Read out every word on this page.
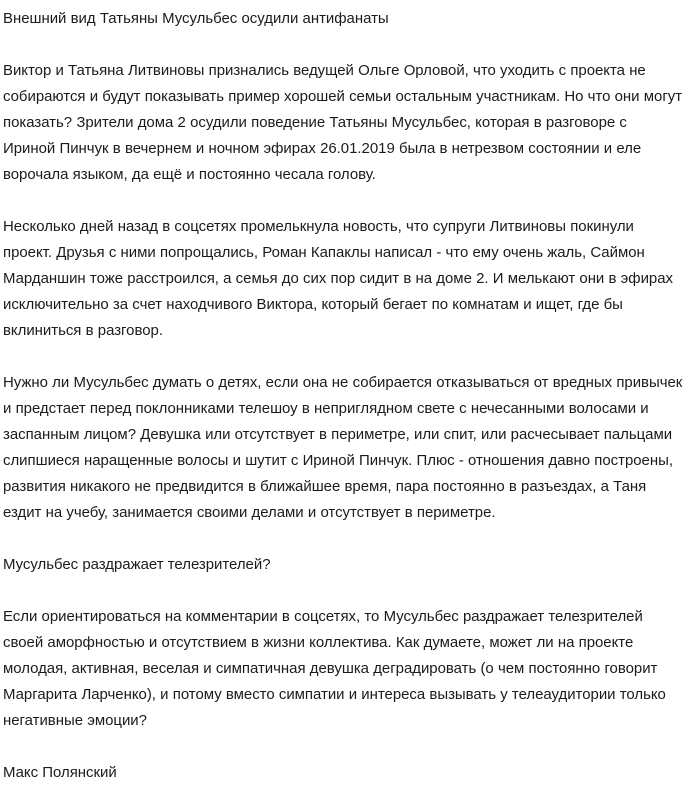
Внешний вид Татьяны Мусульбес осудили антифанаты

Виктор и Татьяна Литвиновы признались ведущей Ольге Орловой, что уходить с проекта не собираются и будут показывать пример хорошей семьи остальным участникам. Но что они могут показать? Зрители дома 2 осудили поведение Татьяны Мусульбес, которая в разговоре с Ириной Пинчук в вечернем и ночном эфирах 26.01.2019 была в нетрезвом состоянии и еле ворочала языком, да ещё и постоянно чесала голову.

Несколько дней назад в соцсетях промелькнула новость, что супруги Литвиновы покинули проект. Друзья с ними попрощались, Роман Капаклы написал - что ему очень жаль, Саймон Марданшин тоже расстроился, а семья до сих пор сидит в на доме 2. И мелькают они в эфирах исключительно за счет находчивого Виктора, который бегает по комнатам и ищет, где бы вклиниться в разговор.

Нужно ли Мусульбес думать о детях, если она не собирается отказываться от вредных привычек и предстает перед поклонниками телешоу в неприглядном свете с нечесанными волосами и заспанным лицом? Девушка или отсутствует в периметре, или спит, или расчесывает пальцами слипшиеся наращенные волосы и шутит с Ириной Пинчук. Плюс - отношения давно построены, развития никакого не предвидится в ближайшее время, пара постоянно в разъездах, а Таня ездит на учебу, занимается своими делами и отсутствует в периметре.

Мусульбес раздражает телезрителей?

Если ориентироваться на комментарии в соцсетях, то Мусульбес раздражает телезрителей своей аморфностью и отсутствием в жизни коллектива. Как думаете, может ли на проекте молодая, активная, веселая и симпатичная девушка деградировать (о чем постоянно говорит Маргарита Ларченко), и потому вместо симпатии и интереса вызывать у телеаудитории только негативные эмоции?

Макс Полянский
